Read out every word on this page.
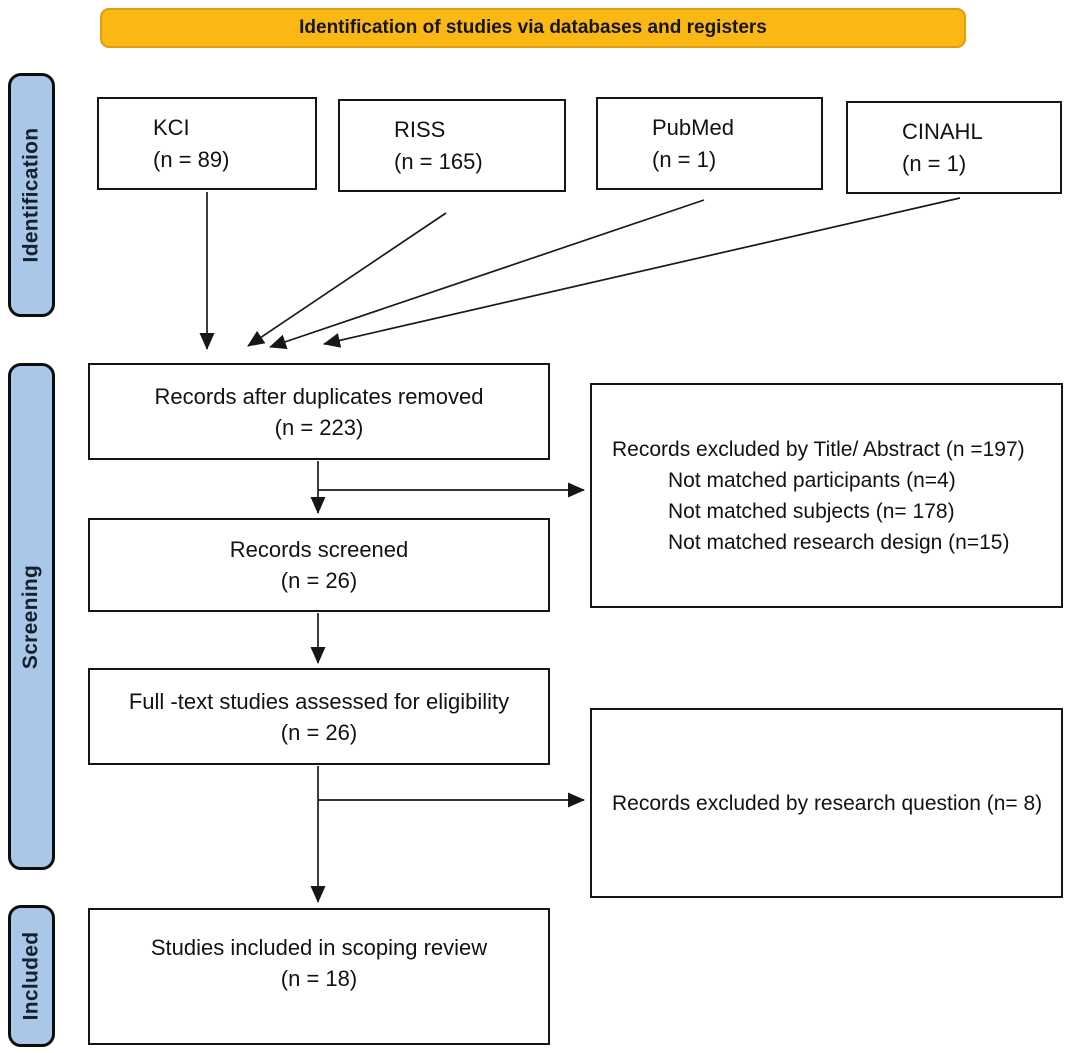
Identification of studies via databases and registers
Identification
Screening
Included
KCI
(n = 89)
RISS
(n = 165)
PubMed
(n = 1)
CINAHL
(n = 1)
Records after duplicates removed
(n = 223)
Records screened
(n = 26)
Full -text studies assessed for eligibility
(n = 26)
Studies included in scoping review
(n = 18)
Records excluded by Title/ Abstract (n =197)
Not matched participants (n=4)
Not matched subjects (n= 178)
Not matched research design (n=15)
Records excluded by research question (n= 8)
